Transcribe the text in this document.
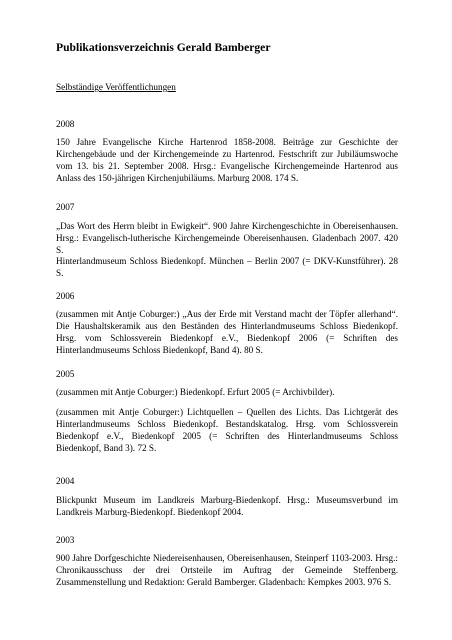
Publikationsverzeichnis Gerald Bamberger
Selbständige Veröffentlichungen
2008
150 Jahre Evangelische Kirche Hartenrod 1858-2008. Beiträge zur Geschichte der Kirchengebäude und der Kirchengemeinde zu Hartenrod. Festschrift zur Jubiläumswoche vom 13. bis 21. September 2008. Hrsg.: Evangelische Kirchengemeinde Hartenrod aus Anlass des 150-jährigen Kirchenjubiläums. Marburg 2008. 174 S.
2007
„Das Wort des Herrn bleibt in Ewigkeit“. 900 Jahre Kirchengeschichte in Obereisenhausen. Hrsg.: Evangelisch-lutherische Kirchengemeinde Obereisenhausen. Gladenbach 2007. 420 S.
Hinterlandmuseum Schloss Biedenkopf. München – Berlin 2007 (= DKV-Kunstführer). 28 S.
2006
(zusammen mit Antje Coburger:) „Aus der Erde mit Verstand macht der Töpfer allerhand“. Die Haushaltskeramik aus den Beständen des Hinterlandmuseums Schloss Biedenkopf. Hrsg. vom Schlossverein Biedenkopf e.V., Biedenkopf 2006 (= Schriften des Hinterlandmuseums Schloss Biedenkopf, Band 4). 80 S.
2005
(zusammen mit Antje Coburger:) Biedenkopf. Erfurt 2005 (= Archivbilder).
(zusammen mit Antje Coburger:) Lichtquellen – Quellen des Lichts. Das Lichtgerät des Hinterlandmuseums Schloss Biedenkopf. Bestandskatalog. Hrsg. vom Schlossverein Biedenkopf e.V., Biedenkopf 2005 (= Schriften des Hinterlandmuseums Schloss Biedenkopf, Band 3). 72 S.
2004
Blickpunkt Museum im Landkreis Marburg-Biedenkopf. Hrsg.: Museumsverbund im Landkreis Marburg-Biedenkopf. Biedenkopf 2004.
2003
900 Jahre Dorfgeschichte Niedereisenhausen, Obereisenhausen, Steinperf 1103-2003. Hrsg.: Chronikausschuss der drei Ortsteile im Auftrag der Gemeinde Steffenberg. Zusammenstellung und Redaktion: Gerald Bamberger. Gladenbach: Kempkes 2003. 976 S.
